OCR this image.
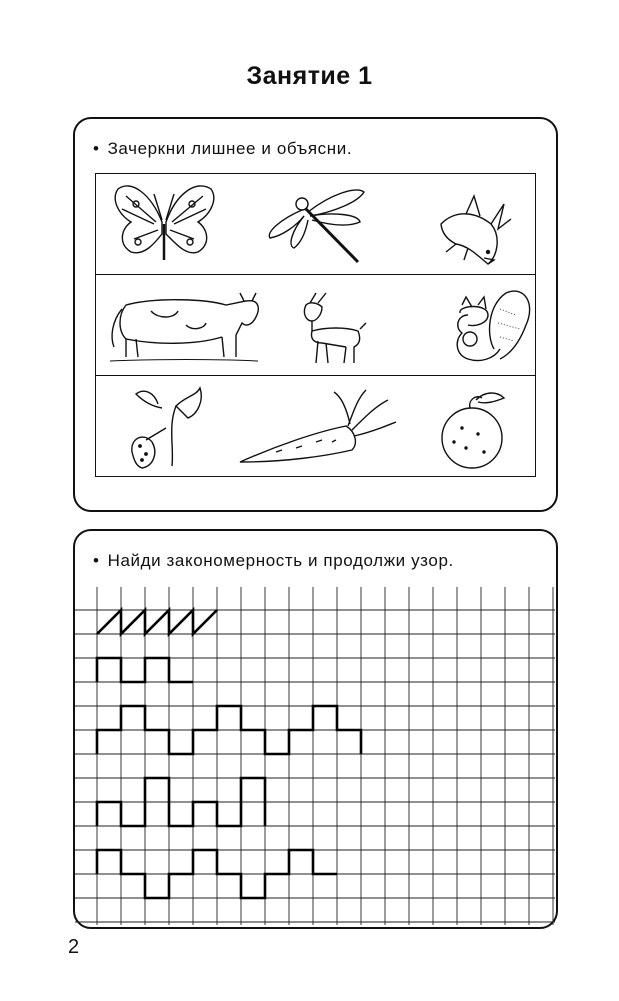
Занятие 1
• Зачеркни лишнее и объясни.
• Найди закономерность и продолжи узор.
2
